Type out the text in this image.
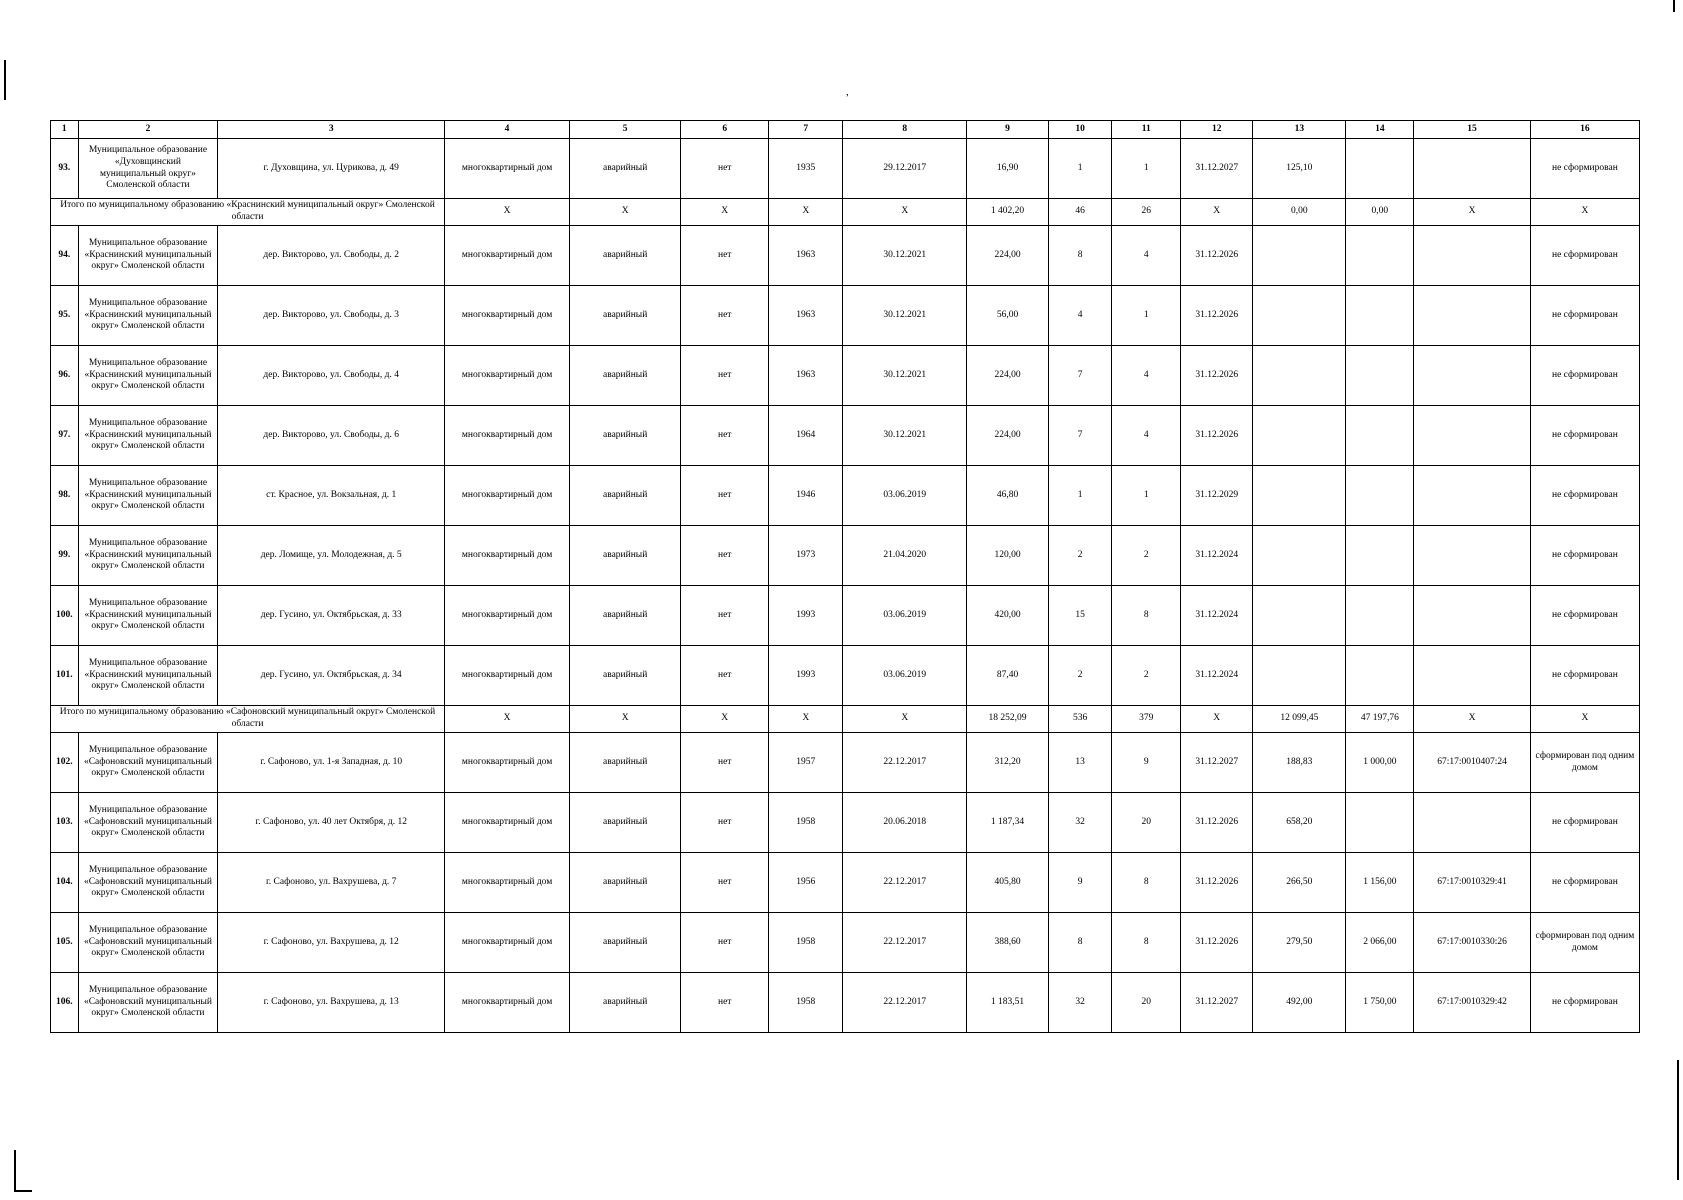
,
1	2	3	4	5	6	7	8	9	10	11	12	13	14	15	16
93.	Муниципальное образование «Духовщинский муниципальный округ» Смоленской области	г. Духовщина, ул. Цурикова, д. 49	многоквартирный дом	аварийный	нет	1935	29.12.2017	16,90	1	1	31.12.2027	125,10			не сформирован
Итого по муниципальному образованию «Краснинский муниципальный округ» Смоленской области			X	X	X	X	X	1 402,20	46	26	X	0,00	0,00	X	X
94.	Муниципальное образование «Краснинский муниципальный округ» Смоленской области	дер. Викторово, ул. Свободы, д. 2	многоквартирный дом	аварийный	нет	1963	30.12.2021	224,00	8	4	31.12.2026				не сформирован
95.	Муниципальное образование «Краснинский муниципальный округ» Смоленской области	дер. Викторово, ул. Свободы, д. 3	многоквартирный дом	аварийный	нет	1963	30.12.2021	56,00	4	1	31.12.2026				не сформирован
96.	Муниципальное образование «Краснинский муниципальный округ» Смоленской области	дер. Викторово, ул. Свободы, д. 4	многоквартирный дом	аварийный	нет	1963	30.12.2021	224,00	7	4	31.12.2026				не сформирован
97.	Муниципальное образование «Краснинский муниципальный округ» Смоленской области	дер. Викторово, ул. Свободы, д. 6	многоквартирный дом	аварийный	нет	1964	30.12.2021	224,00	7	4	31.12.2026				не сформирован
98.	Муниципальное образование «Краснинский муниципальный округ» Смоленской области	ст. Красное, ул. Вокзальная, д. 1	многоквартирный дом	аварийный	нет	1946	03.06.2019	46,80	1	1	31.12.2029				не сформирован
99.	Муниципальное образование «Краснинский муниципальный округ» Смоленской области	дер. Ломище, ул. Молодежная, д. 5	многоквартирный дом	аварийный	нет	1973	21.04.2020	120,00	2	2	31.12.2024				не сформирован
100.	Муниципальное образование «Краснинский муниципальный округ» Смоленской области	дер. Гусино, ул. Октябрьская, д. 33	многоквартирный дом	аварийный	нет	1993	03.06.2019	420,00	15	8	31.12.2024				не сформирован
101.	Муниципальное образование «Краснинский муниципальный округ» Смоленской области	дер. Гусино, ул. Октябрьская, д. 34	многоквартирный дом	аварийный	нет	1993	03.06.2019	87,40	2	2	31.12.2024				не сформирован
Итого по муниципальному образованию «Сафоновский муниципальный округ» Смоленской области			X	X	X	X	X	18 252,09	536	379	X	12 099,45	47 197,76	X	X
102.	Муниципальное образование «Сафоновский муниципальный округ» Смоленской области	г. Сафоново, ул. 1-я Западная, д. 10	многоквартирный дом	аварийный	нет	1957	22.12.2017	312,20	13	9	31.12.2027	188,83	1 000,00	67:17:0010407:24	сформирован под одним домом
103.	Муниципальное образование «Сафоновский муниципальный округ» Смоленской области	г. Сафоново, ул. 40 лет Октября, д. 12	многоквартирный дом	аварийный	нет	1958	20.06.2018	1 187,34	32	20	31.12.2026	658,20			не сформирован
104.	Муниципальное образование «Сафоновский муниципальный округ» Смоленской области	г. Сафоново, ул. Вахрушева, д. 7	многоквартирный дом	аварийный	нет	1956	22.12.2017	405,80	9	8	31.12.2026	266,50	1 156,00	67:17:0010329:41	не сформирован
105.	Муниципальное образование «Сафоновский муниципальный округ» Смоленской области	г. Сафоново, ул. Вахрушева, д. 12	многоквартирный дом	аварийный	нет	1958	22.12.2017	388,60	8	8	31.12.2026	279,50	2 066,00	67:17:0010330:26	сформирован под одним домом
106.	Муниципальное образование «Сафоновский муниципальный округ» Смоленской области	г. Сафоново, ул. Вахрушева, д. 13	многоквартирный дом	аварийный	нет	1958	22.12.2017	1 183,51	32	20	31.12.2027	492,00	1 750,00	67:17:0010329:42	не сформирован
